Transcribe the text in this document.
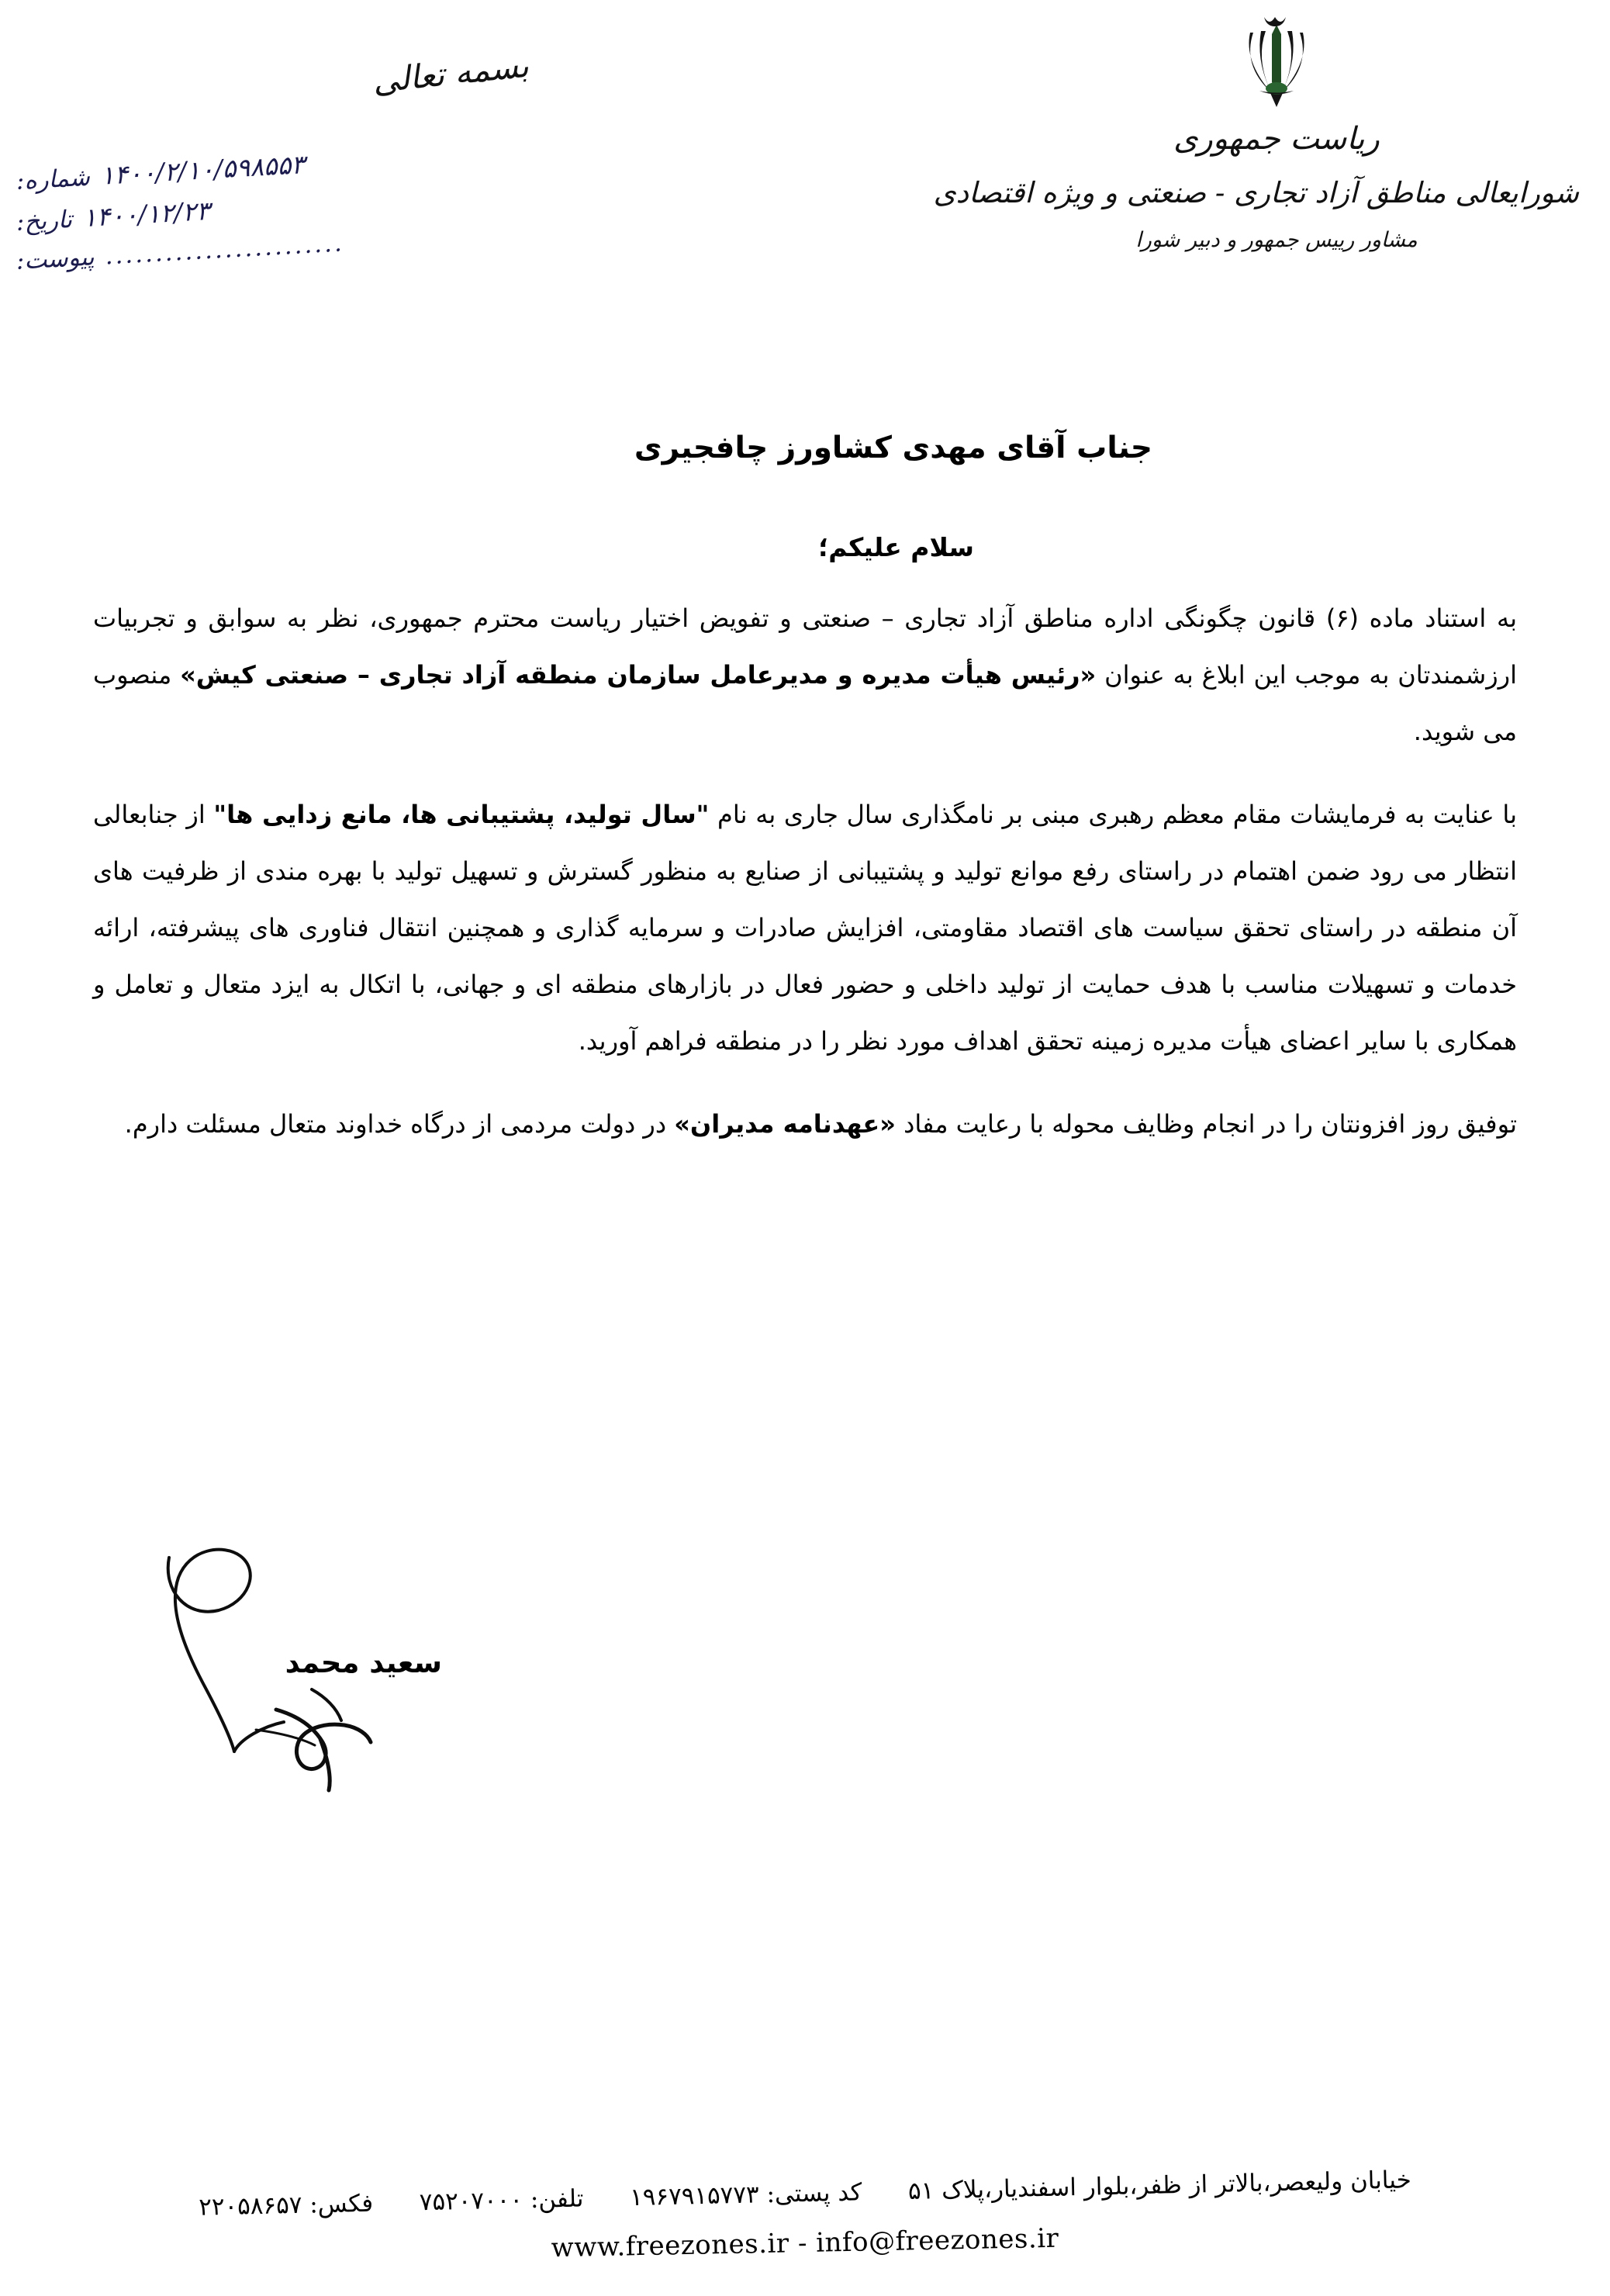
بسمه تعالی
ریاست جمهوری
شورایعالی مناطق آزاد تجاری - صنعتی و ویژه اقتصادی
مشاور رییس جمهور و دبیر شورا
شماره: ۱۴۰۰/۲/۱۰/۵۹۸۵۵۳
تاریخ: ۱۴۰۰/۱۲/۲۳
پیوست: ........................
جناب آقای مهدی کشاورز چافجیری
سلام علیکم؛

به استناد ماده (۶) قانون چگونگی اداره مناطق آزاد تجاری – صنعتی و تفویض اختیار ریاست محترم جمهوری، نظر به سوابق و تجربیات ارزشمندتان به موجب این ابلاغ به عنوان «رئیس هیأت مدیره و مدیرعامل سازمان منطقه آزاد تجاری – صنعتی کیش» منصوب می شوید.

با عنایت به فرمایشات مقام معظم رهبری مبنی بر نامگذاری سال جاری به نام "سال تولید، پشتیبانی ها، مانع زدایی ها" از جنابعالی انتظار می رود ضمن اهتمام در راستای رفع موانع تولید و پشتیبانی از صنایع به منظور گسترش و تسهیل تولید با بهره مندی از ظرفیت های آن منطقه در راستای تحقق سیاست های اقتصاد مقاومتی، افزایش صادرات و سرمایه گذاری و همچنین انتقال فناوری های پیشرفته، ارائه خدمات و تسهیلات مناسب با هدف حمایت از تولید داخلی و حضور فعال در بازارهای منطقه ای و جهانی، با اتکال به ایزد متعال و تعامل و همکاری با سایر اعضای هیأت مدیره زمینه تحقق اهداف مورد نظر را در منطقه فراهم آورید.

توفیق روز افزونتان را در انجام وظایف محوله با رعایت مفاد «عهدنامه مدیران» در دولت مردمی از درگاه خداوند متعال مسئلت دارم.

سعید محمد
خیابان ولیعصر،بالاتر از ظفر،بلوار اسفندیار،پلاک ۵۱  کد پستی: ۱۹۶۷۹۱۵۷۷۳  تلفن: ۷۵۲۰۷۰۰۰  فکس: ۲۲۰۵۸۶۵۷
www.freezones.ir - info@freezones.ir
